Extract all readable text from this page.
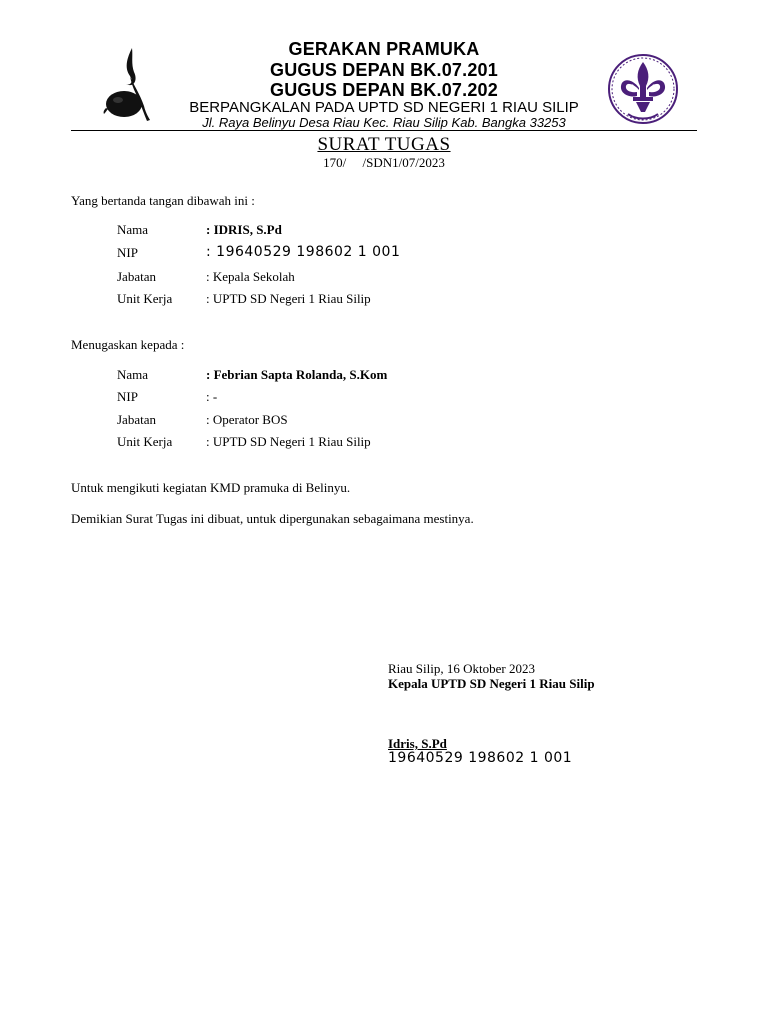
GERAKAN PRAMUKA
GUGUS DEPAN BK.07.201
GUGUS DEPAN BK.07.202
BERPANGKALAN PADA UPTD SD NEGERI 1 RIAU SILIP
Jl. Raya Belinyu Desa Riau Kec. Riau Silip Kab. Bangka 33253
SURAT TUGAS
170/     /SDN1/07/2023
Yang bertanda tangan dibawah ini :
Nama	: IDRIS, S.Pd
NIP	: 19640529 198602 1 001
Jabatan	: Kepala Sekolah
Unit Kerja	: UPTD SD Negeri 1 Riau Silip
Menugaskan kepada :
Nama	: Febrian Sapta Rolanda, S.Kom
NIP	: -
Jabatan	: Operator BOS
Unit Kerja	: UPTD SD Negeri 1 Riau Silip
Untuk mengikuti kegiatan KMD pramuka di Belinyu.
Demikian Surat Tugas ini dibuat, untuk dipergunakan sebagaimana mestinya.
Riau Silip, 16 Oktober 2023
Kepala UPTD SD Negeri 1 Riau Silip
Idris, S.Pd
19640529 198602 1 001
